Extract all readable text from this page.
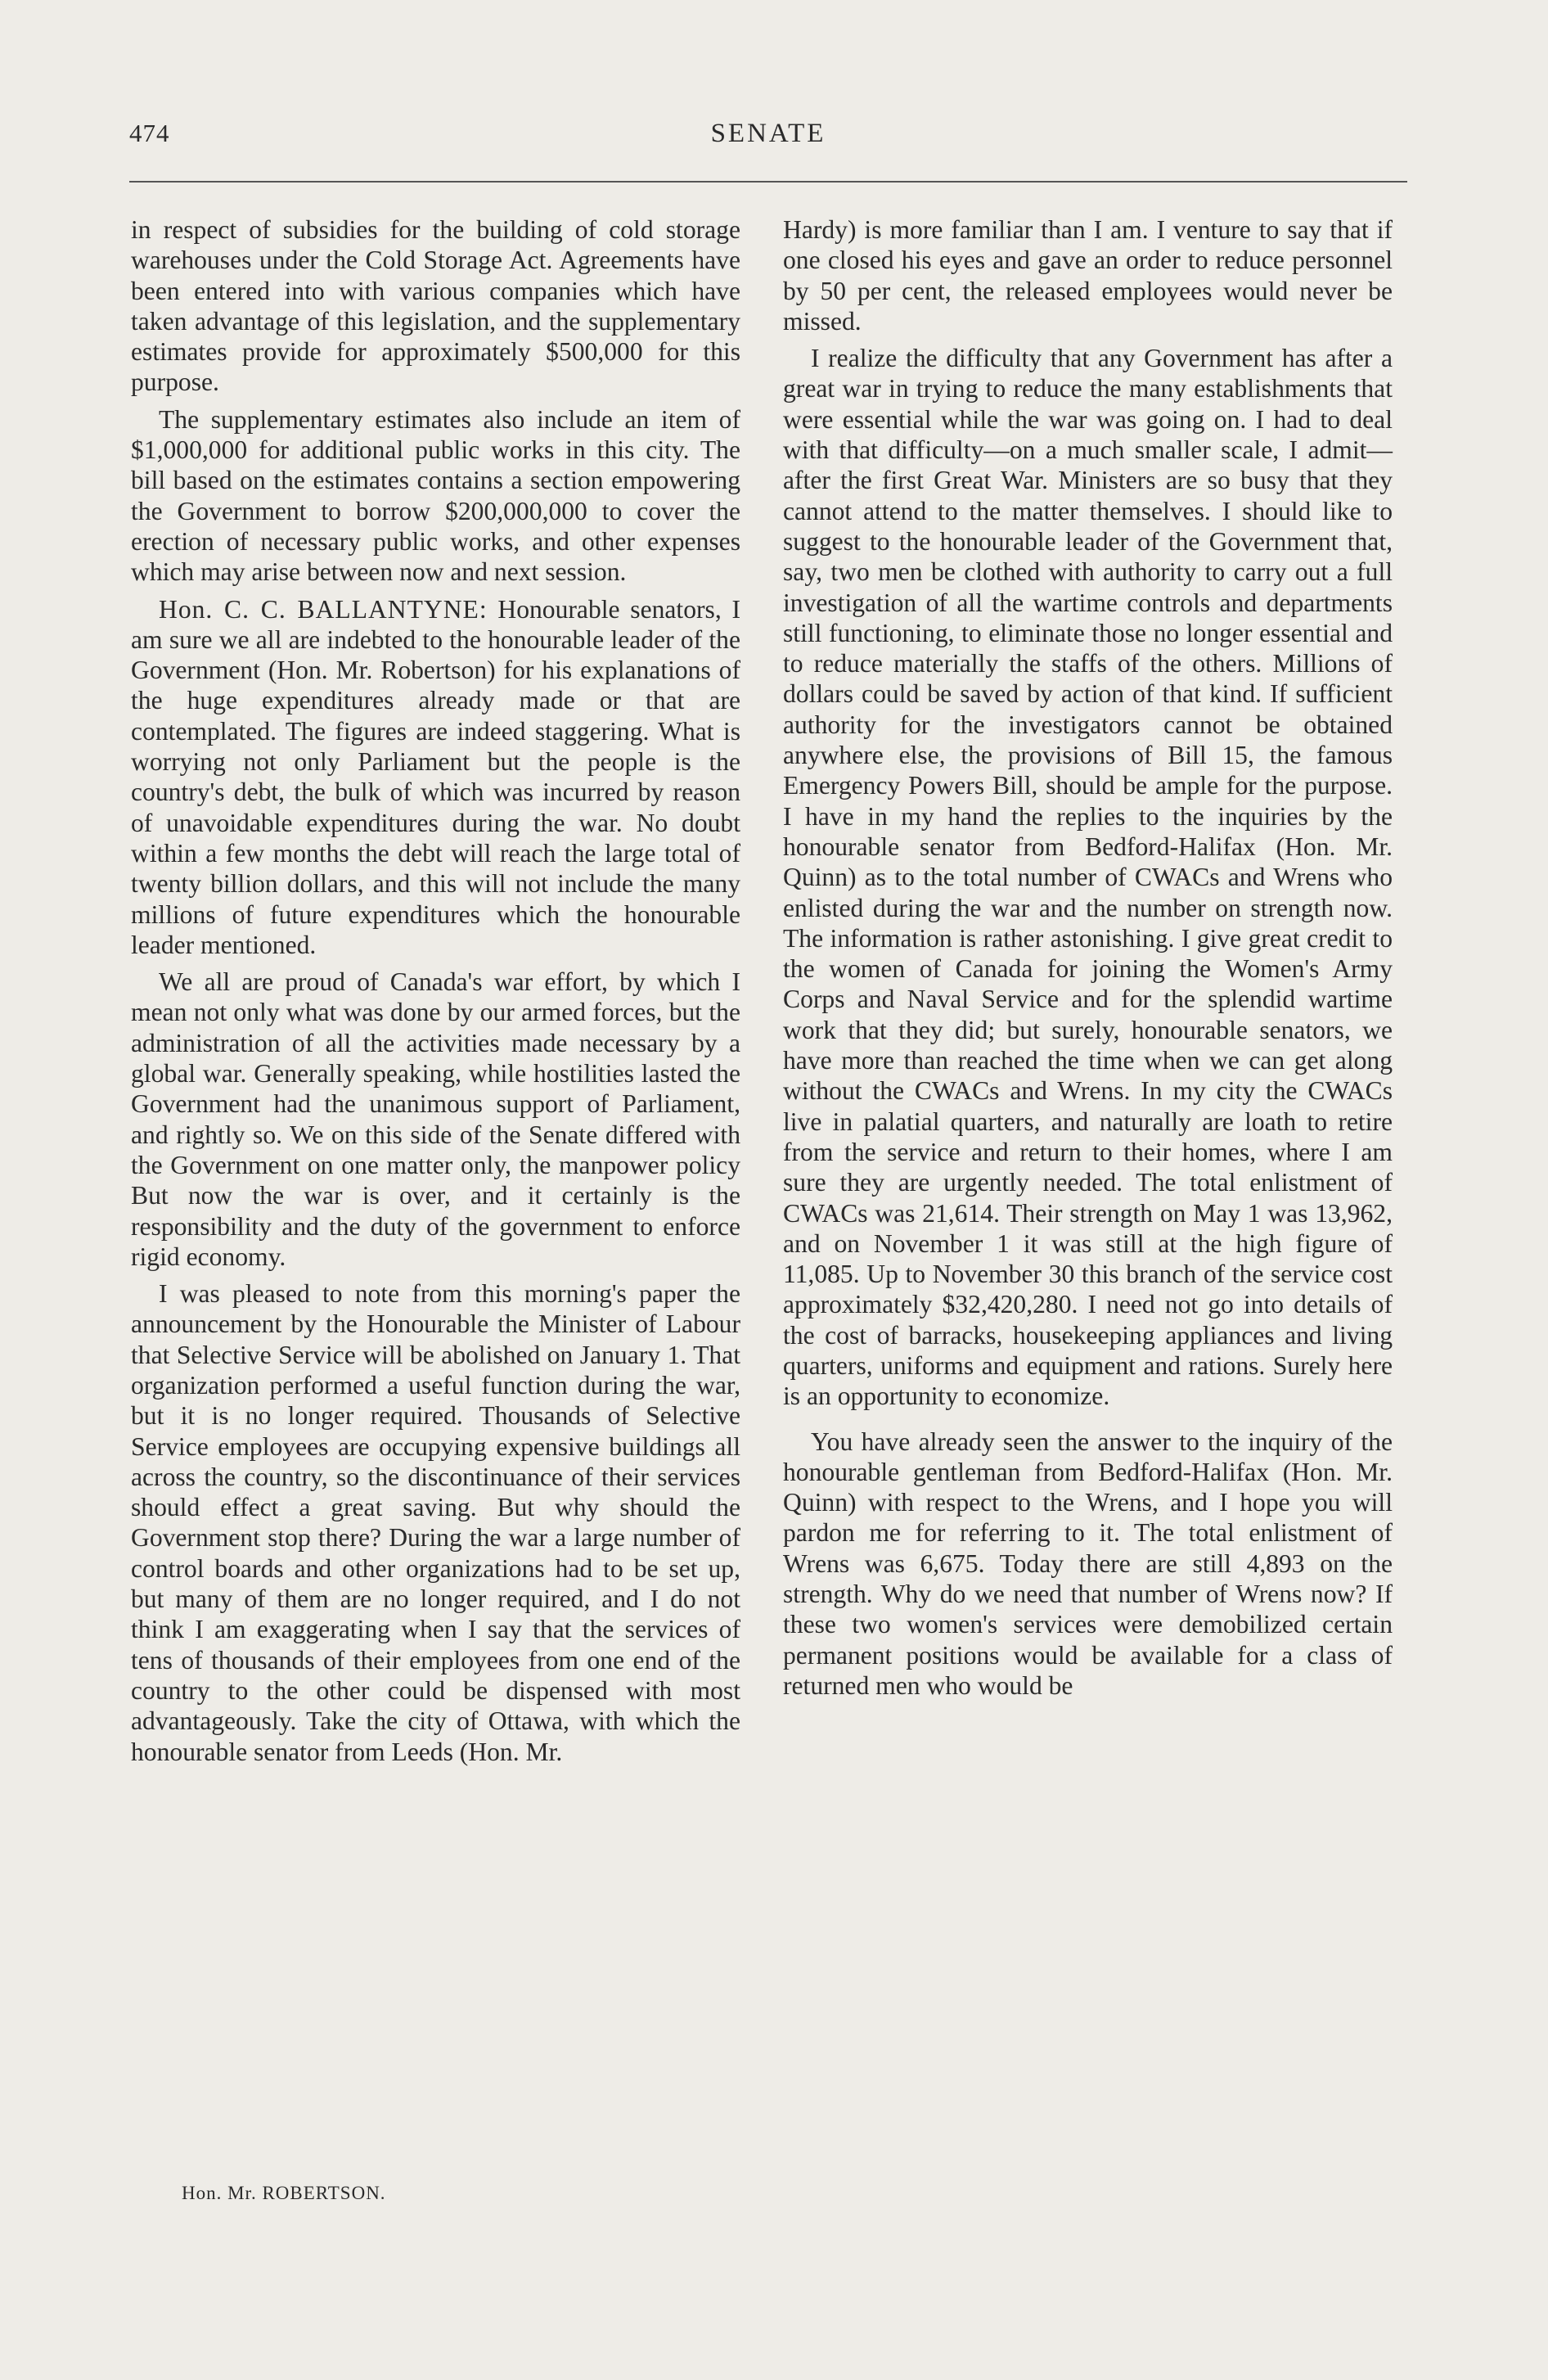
474	SENATE

in respect of subsidies for the building of cold storage warehouses under the Cold Storage Act. Agreements have been entered into with various companies which have taken advantage of this legislation, and the supplementary estimates provide for approximately $500,000 for this purpose.

The supplementary estimates also include an item of $1,000,000 for additional public works in this city. The bill based on the estimates contains a section empowering the Government to borrow $200,000,000 to cover the erection of necessary public works, and other expenses which may arise between now and next session.

Hon. C. C. BALLANTYNE: Honourable senators, I am sure we all are indebted to the honourable leader of the Government (Hon. Mr. Robertson) for his explanations of the huge expenditures already made or that are contemplated. The figures are indeed staggering. What is worrying not only Parliament but the people is the country's debt, the bulk of which was incurred by reason of unavoidable expenditures during the war. No doubt within a few months the debt will reach the large total of twenty billion dollars, and this will not include the many millions of future expenditures which the honourable leader mentioned.

We all are proud of Canada's war effort, by which I mean not only what was done by our armed forces, but the administration of all the activities made necessary by a global war. Generally speaking, while hostilities lasted the Government had the unanimous support of Parliament, and rightly so. We on this side of the Senate differed with the Government on one matter only, the manpower policy But now the war is over, and it certainly is the responsibility and the duty of the government to enforce rigid economy.

I was pleased to note from this morning's paper the announcement by the Honourable the Minister of Labour that Selective Service will be abolished on January 1. That organization performed a useful function during the war, but it is no longer required. Thousands of Selective Service employees are occupying expensive buildings all across the country, so the discontinuance of their services should effect a great saving. But why should the Government stop there? During the war a large number of control boards and other organizations had to be set up, but many of them are no longer required, and I do not think I am exaggerating when I say that the services of tens of thousands of their employees from one end of the country to the other could be dispensed with most advantageously. Take the city of Ottawa, with which the honourable senator from Leeds (Hon. Mr.

Hardy) is more familiar than I am. I venture to say that if one closed his eyes and gave an order to reduce personnel by 50 per cent, the released employees would never be missed.

I realize the difficulty that any Government has after a great war in trying to reduce the many establishments that were essential while the war was going on. I had to deal with that difficulty—on a much smaller scale, I admit—after the first Great War. Ministers are so busy that they cannot attend to the matter themselves. I should like to suggest to the honourable leader of the Government that, say, two men be clothed with authority to carry out a full investigation of all the wartime controls and departments still functioning, to eliminate those no longer essential and to reduce materially the staffs of the others. Millions of dollars could be saved by action of that kind. If sufficient authority for the investigators cannot be obtained anywhere else, the provisions of Bill 15, the famous Emergency Powers Bill, should be ample for the purpose. I have in my hand the replies to the inquiries by the honourable senator from Bedford-Halifax (Hon. Mr. Quinn) as to the total number of CWACs and Wrens who enlisted during the war and the number on strength now. The information is rather astonishing. I give great credit to the women of Canada for joining the Women's Army Corps and Naval Service and for the splendid wartime work that they did; but surely, honourable senators, we have more than reached the time when we can get along without the CWACs and Wrens. In my city the CWACs live in palatial quarters, and naturally are loath to retire from the service and return to their homes, where I am sure they are urgently needed. The total enlistment of CWACs was 21,614. Their strength on May 1 was 13,962, and on November 1 it was still at the high figure of 11,085. Up to November 30 this branch of the service cost approximately $32,420,280. I need not go into details of the cost of barracks, housekeeping appliances and living quarters, uniforms and equipment and rations. Surely here is an opportunity to economize.

You have already seen the answer to the inquiry of the honourable gentleman from Bedford-Halifax (Hon. Mr. Quinn) with respect to the Wrens, and I hope you will pardon me for referring to it. The total enlistment of Wrens was 6,675. Today there are still 4,893 on the strength. Why do we need that number of Wrens now? If these two women's services were demobilized certain permanent positions would be available for a class of returned men who would be

Hon. Mr. ROBERTSON.
